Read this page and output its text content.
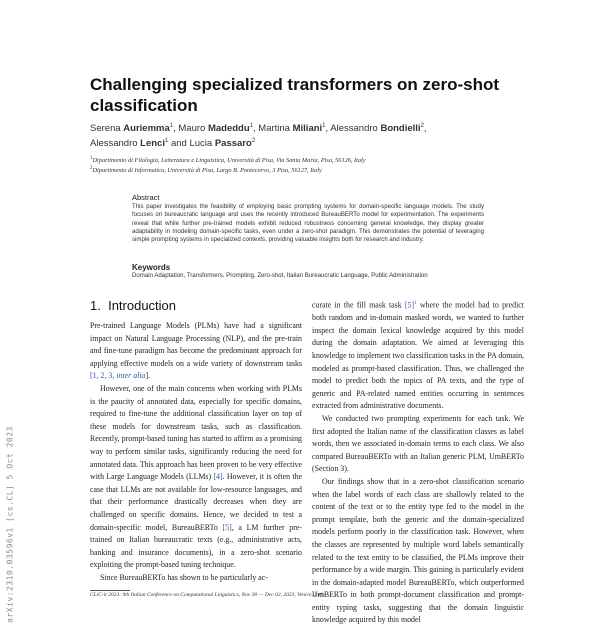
arXiv:2310.03596v1 [cs.CL] 5 Oct 2023
Challenging specialized transformers on zero-shot classification
Serena Auriemma$^1$, Mauro Madeddu$^1$, Martina Miliani$^1$, Alessandro Bondielli$^2$,
Alessandro Lenci$^1$ and Lucia Passaro$^2$
$^1$Dipartimento di Filologia, Letteratura e Linguistica, Università di Pisa, Via Santa Maria, Pisa, 56126, Italy
$^2$Dipartimento di Informatica, Università di Pisa, Largo B. Pontecorvo, 3 Pisa, 56127, Italy
Abstract
This paper investigates the feasibility of employing basic prompting systems for domain-specific language models. The study focuses on bureaucratic language and uses the recently introduced BureauBERTo model for experimentation. The experiments reveal that while further pre-trained models exhibit reduced robustness concerning general knowledge, they display greater adaptability in modeling domain-specific tasks, even under a zero-shot paradigm. This demonstrates the potential of leveraging simple prompting systems in specialized contexts, providing valuable insights both for research and industry.
Keywords
Domain Adaptation, Transformers, Prompting, Zero-shot, Italian Bureaucratic Language, Public Administration
1. Introduction

Pre-trained Language Models (PLMs) have had a significant impact on Natural Language Processing (NLP), and the pre-train and fine-tune paradigm has become the predominant approach for applying effective models on a wide variety of downstream tasks [1, 2, 3, inter alia].

However, one of the main concerns when working with PLMs is the paucity of annotated data, especially for specific domains, required to fine-tune the additional classification layer on top of these models for downstream tasks, such as classification. Recently, prompt-based tuning has started to affirm as a promising way to perform similar tasks, significantly reducing the need for annotated data. This approach has been proven to be very effective with Large Language Models (LLMs) [4]. However, it is often the case that LLMs are not available for low-resource languages, and that their performance drastically decreases when they are challenged on specific domains. Hence, we decided to test a domain-specific model, BureauBERTo [5], a LM further pre-trained on Italian bureaucratic texts (e.g., administrative acts, banking and insurance documents), in a zero-shot scenario exploiting the prompt-based tuning technique.

Since BureauBERTo has shown to be particularly ac-

curate in the fill mask task [5]$^1$ where the model had to predict both random and in-domain masked words, we wanted to further inspect the domain lexical knowledge acquired by this model during the domain adaptation. We aimed at leveraging this knowledge to implement two classification tasks in the PA domain, modeled as prompt-based classification. Thus, we challenged the model to predict both the topics of PA texts, and the type of generic and PA-related named entities occurring in sentences extracted from administrative documents.

We conducted two prompting experiments for each task. We first adopted the Italian name of the classification classes as label words, then we associated in-domain terms to each class. We also compared BureauBERTo with an Italian generic PLM, UmBERTo (Section 3).

Our findings show that in a zero-shot classification scenario when the label words of each class are shallowly related to the content of the text or to the entity type fed to the model in the prompt template, both the generic and the domain-specialized models perform poorly in the classification task. However, when the classes are represented by multiple word labels semantically related to the text entity to be classified, the PLMs improve their performance by a wide margin. This gaining is particularly evident in the domain-adapted model BureauBERTo, which outperformed UmBERTo in both prompt-document classification and prompt-entity typing tasks, suggesting that the domain linguistic knowledge acquired by this model

CLiC-it 2023: 9th Italian Conference on Computational Linguistics, Nov 30 — Dec 02, 2023, Venice, Italy
